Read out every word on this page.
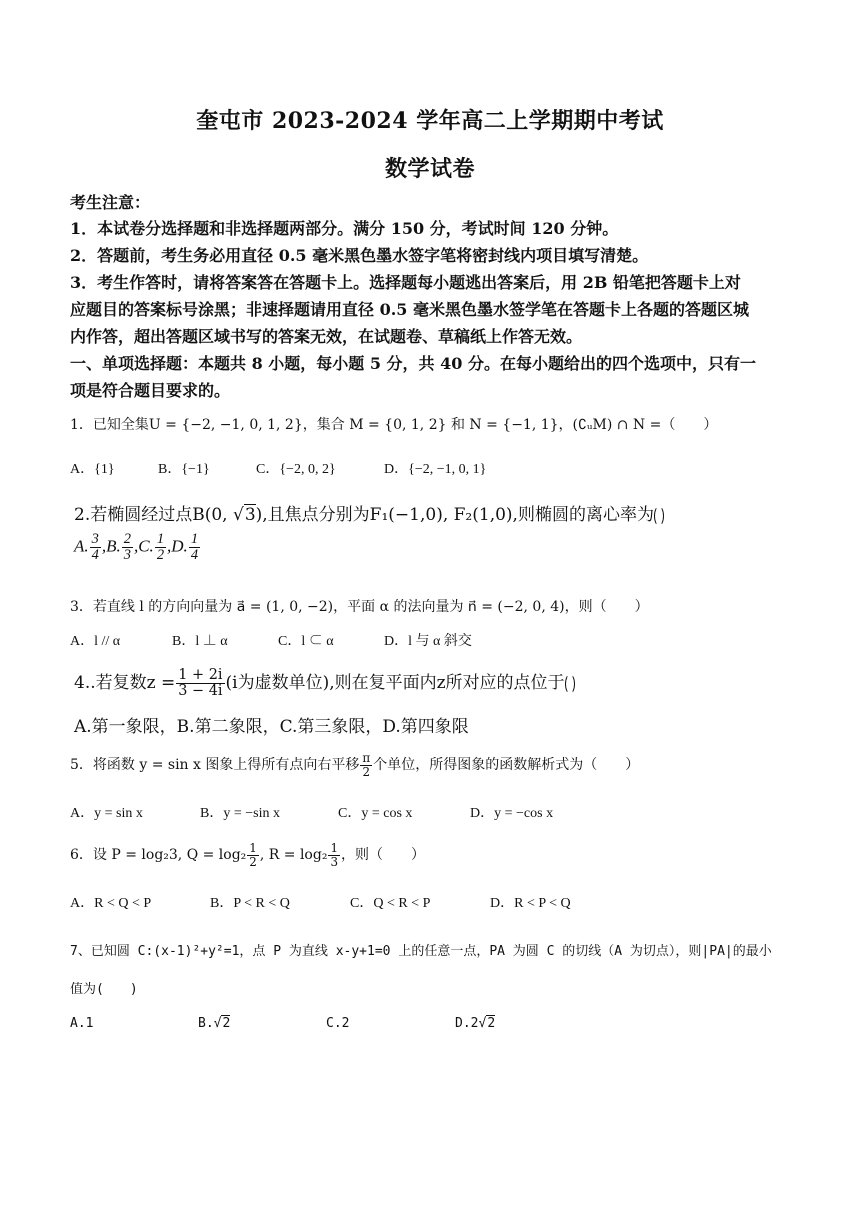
奎屯市 2023-2024 学年高二上学期期中考试
数学试卷
考生注意：
1．本试卷分选择题和非选择题两部分。满分 150 分，考试时间 120 分钟。
2．答题前，考生务必用直径 0.5 毫米黑色墨水签字笔将密封线内项目填写清楚。
3．考生作答时，请将答案答在答题卡上。选择题每小题逃出答案后，用 2B 铅笔把答题卡上对
应题目的答案标号涂黑；非速择题请用直径 0.5 毫米黑色墨水签学笔在答题卡上各题的答题区城
内作答，超出答题区域书写的答案无效，在试题卷、草稿纸上作答无效。
一、单项选择题：本题共 8 小题，每小题 5 分，共 40 分。在每小题给出的四个选项中，只有一
项是符合题目要求的。
1．已知全集U = {−2, −1, 0, 1, 2}，集合 M = {0, 1, 2} 和 N = {−1, 1}，(∁ᵤM) ∩ N =（　　）
A．{1}	B．{−1}	C．{−2, 0, 2}	D．{−2, −1, 0, 1}
2.若椭圆经过点B(0, √3),且焦点分别为F₁(−1,0), F₂(1,0),则椭圆的离心率为
A. $\frac{3}{4} ,B$. $\frac{2}{3} ,C$. $\frac{1}{2} ,D$. $\frac{1}{4}$
3．若直线 l 的方向向量为 a⃗ = (1, 0, −2)，平面 α 的法向量为 n⃗ = (−2, 0, 4)，则（　　）
A．l // α	B．l ⊥ α	C．l ⊂ α	D．l 与 α 斜交
4..若复数$z = \frac{1 + 2i}{3 - 4i} (i$为虚数单位),则在复平面内z所对应的点位于
A.第一象限，B.第二象限，C.第三象限，D.第四象限
5．将函数 y = sin x 图象上得所有点向右平移 $\frac{\pi}{2}$ 个单位，所得图象的函数解析式为（　　）
A．y = sin x	B．y = −sin x	C．y = cos x	D．y = −cos x
6．设 P = log₂3, $Q = \log_2 \frac{1}{2}$ , $R = \log_2 \frac{1}{3}$ ，则（　　）
A．R < Q < P	B．P < R < Q	C．Q < R < P	D．R < P < Q
7、已知圆 C:(x-1)²+y²=1，点 P 为直线 x-y+1=0 上的任意一点，PA 为圆 C 的切线（A 为切点），则|PA|的最小
值为(　　)
A.1	B.√2	C.2	D.2√2
